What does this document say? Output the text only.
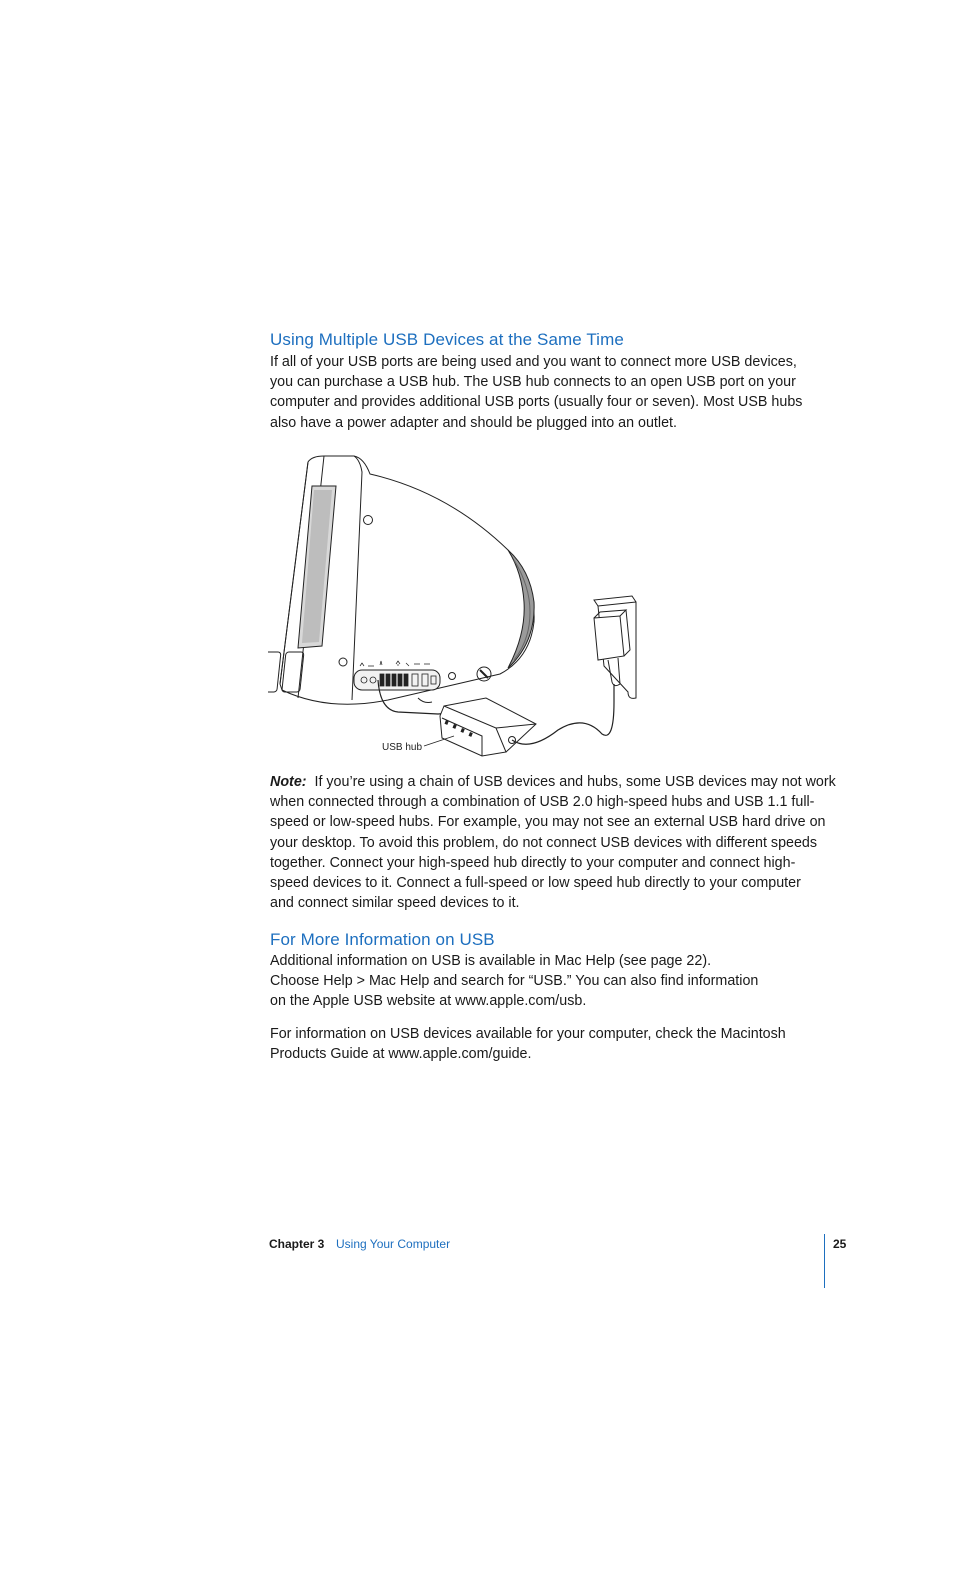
Using Multiple USB Devices at the Same Time

If all of your USB ports are being used and you want to connect more USB devices,
you can purchase a USB hub. The USB hub connects to an open USB port on your
computer and provides additional USB ports (usually four or seven). Most USB hubs
also have a power adapter and should be plugged into an outlet.

USB hub

Note: If you’re using a chain of USB devices and hubs, some USB devices may not work
when connected through a combination of USB 2.0 high-speed hubs and USB 1.1 full-
speed or low-speed hubs. For example, you may not see an external USB hard drive on
your desktop. To avoid this problem, do not connect USB devices with different speeds
together. Connect your high-speed hub directly to your computer and connect high-
speed devices to it. Connect a full-speed or low speed hub directly to your computer
and connect similar speed devices to it.

For More Information on USB

Additional information on USB is available in Mac Help (see page 22).
Choose Help > Mac Help and search for “USB.” You can also find information
on the Apple USB website at www.apple.com/usb.

For information on USB devices available for your computer, check the Macintosh
Products Guide at www.apple.com/guide.

Chapter 3 Using Your Computer	25
